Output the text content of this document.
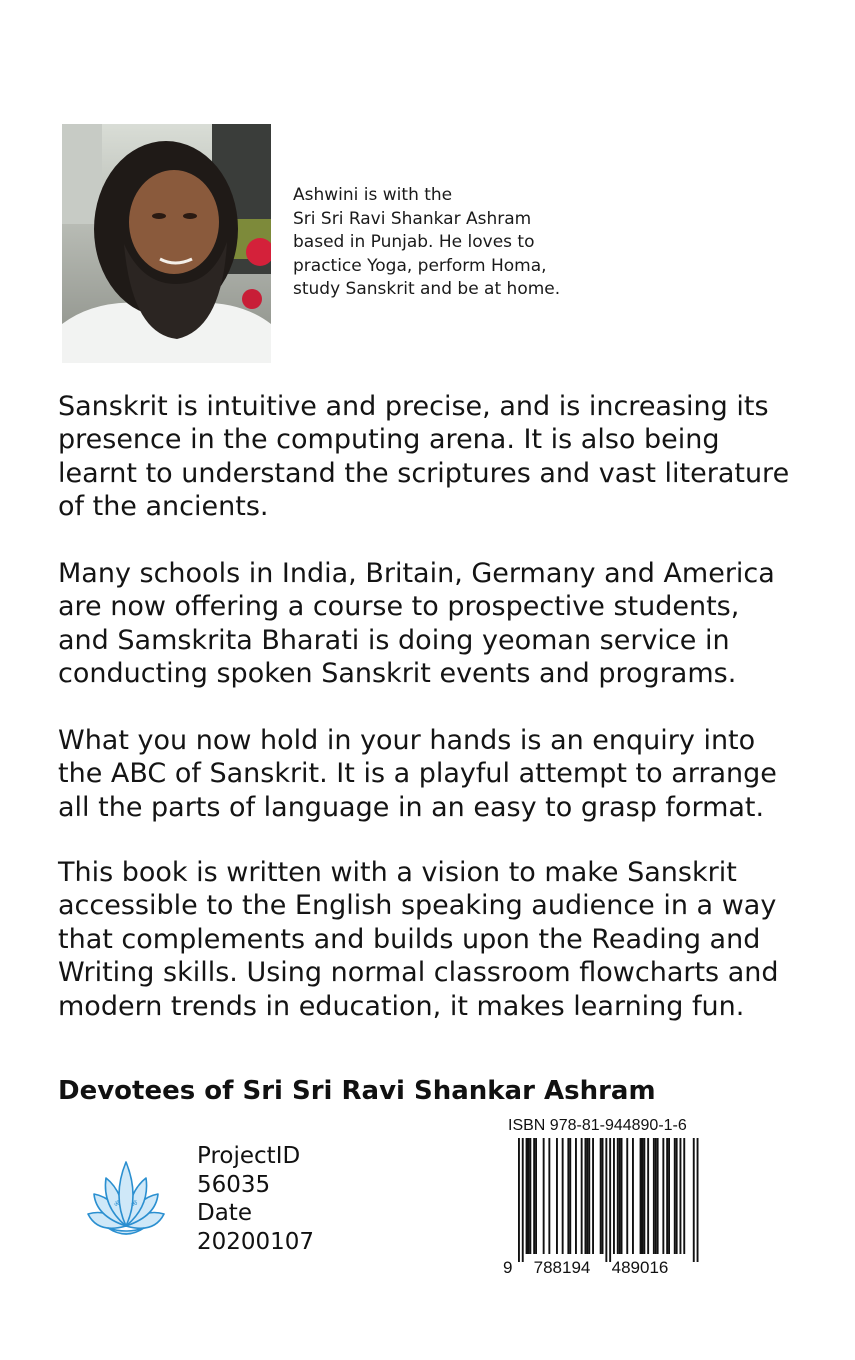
Ashwini is with the
Sri Sri Ravi Shankar Ashram
based in Punjab. He loves to
practice Yoga, perform Homa,
study Sanskrit and be at home.
Sanskrit is intuitive and precise, and is increasing its
presence in the computing arena. It is also being
learnt to understand the scriptures and vast literature
of the ancients.
Many schools in India, Britain, Germany and America
are now offering a course to prospective students,
and Samskrita Bharati is doing yeoman service in
conducting spoken Sanskrit events and programs.
What you now hold in your hands is an enquiry into
the ABC of Sanskrit. It is a playful attempt to arrange
all the parts of language in an easy to grasp format.
This book is written with a vision to make Sanskrit
accessible to the English speaking audience in a way
that complements and builds upon the Reading and
Writing skills. Using normal classroom flowcharts and
modern trends in education, it makes learning fun.
Devotees of Sri Sri Ravi Shankar Ashram
ॐ ॐ
ProjectID
56035
Date
20200107
ISBN 978-81-944890-1-6
9 788194 489016
